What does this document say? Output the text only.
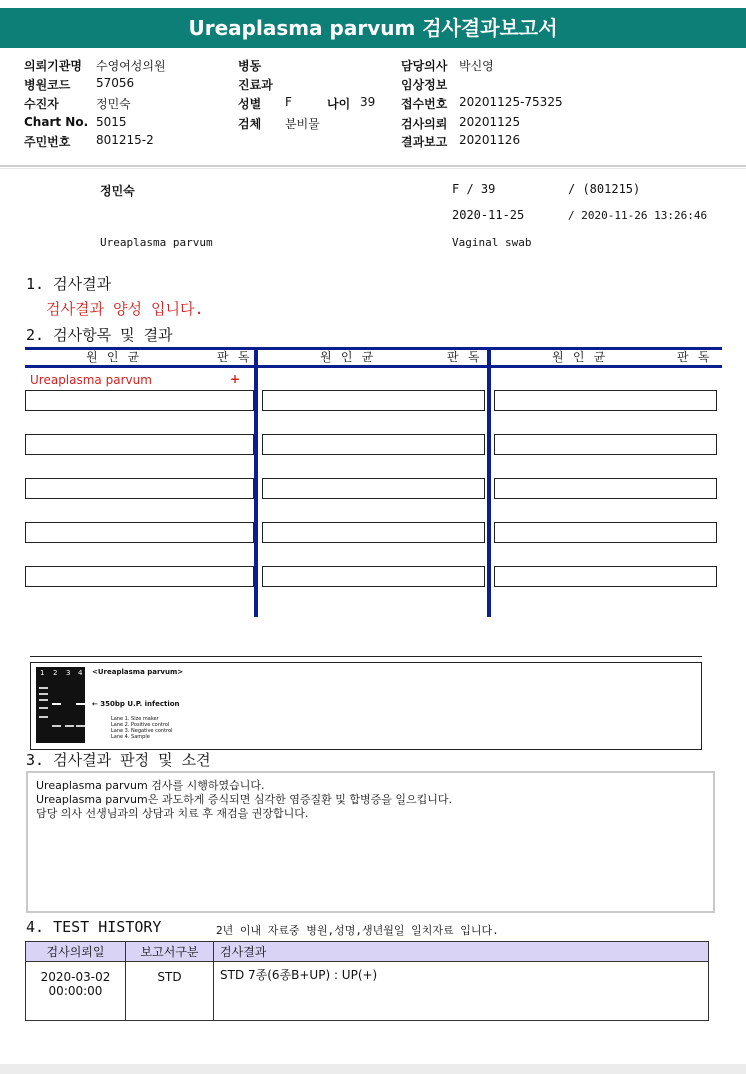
Ureaplasma parvum 검사결과보고서
의뢰기관명 수영여성의원
병원코드 57056
수진자	정민숙
Chart No. 5015
주민번호 801215-2
병동
진료과
성별 F	나이 39
검체 분비물
담당의사 박신영
임상정보
접수번호 20201125-75325
검사의뢰 20201125
결과보고 20201126
정민숙	F / 39	/ (801215)
2020-11-25	/ 2020-11-26 13:26:46
Ureaplasma parvum	Vaginal swab
1. 검사결과
검사결과 양성 입니다.
2. 검사항목 및 결과
원 인 균	판 독	원 인 균	판 독	원 인 균	판 독
Ureaplasma parvum	+
1 2 3 4 <Ureaplasma parvum>
← 350bp U.P. infection
Lane 1. Size maker
Lane 2. Positive control
Lane 3. Negative control
Lane 4. Sample
3. 검사결과 판정 및 소견
Ureaplasma parvum 검사를 시행하였습니다.
Ureaplasma parvum은 과도하게 증식되면 심각한 염증질환 및 합병증을 일으킵니다.
담당 의사 선생님과의 상담과 치료 후 재검을 권장합니다.
4. TEST HISTORY	2년 이내 자료중 병원,성명,생년월일 일치자료 입니다.
검사의뢰일	보고서구분	검사결과

2020-03-02
00:00:00	STD	STD 7종(6종B+UP) : UP(+)
